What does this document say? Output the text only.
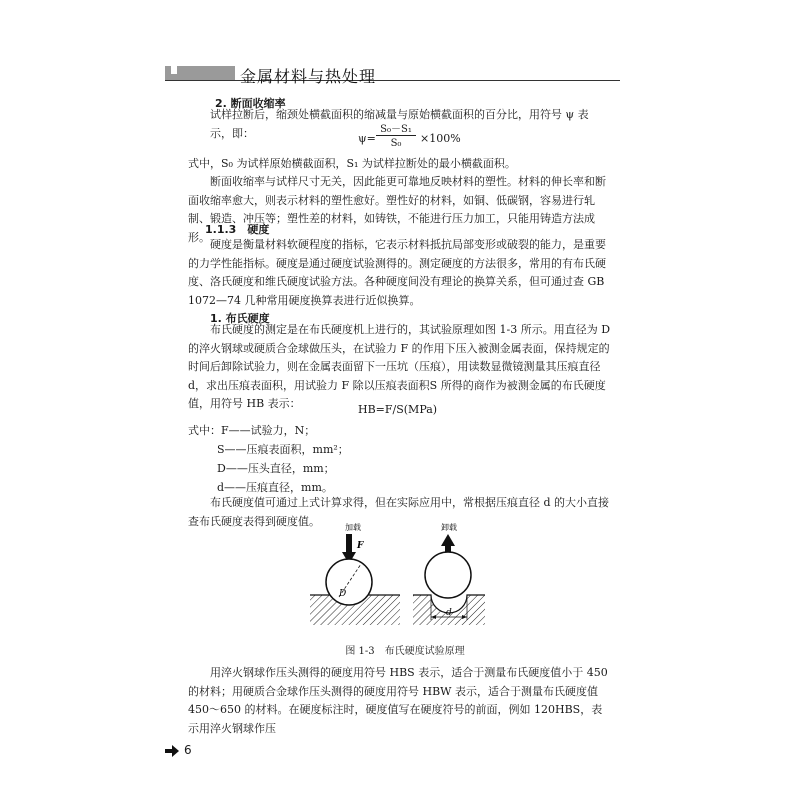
金属材料与热处理
2. 断面收缩率
试样拉断后，缩颈处横截面积的缩减量与原始横截面积的百分比，用符号 ψ 表示，即：	ψ=
S₀－S₁
S₀	×100%
式中，S₀ 为试样原始横截面积，S₁ 为试样拉断处的最小横截面积。
断面收缩率与试样尺寸无关，因此能更可靠地反映材料的塑性。材料的伸长率和断面收缩率愈大，则表示材料的塑性愈好。塑性好的材料，如铜、低碳钢，容易进行轧制、锻造、冲压等；塑性差的材料，如铸铁，不能进行压力加工，只能用铸造方法成形。
1.1.3　硬度
硬度是衡量材料软硬程度的指标，它表示材料抵抗局部变形或破裂的能力，是重要的力学性能指标。硬度是通过硬度试验测得的。测定硬度的方法很多，常用的有布氏硬度、洛氏硬度和维氏硬度试验方法。各种硬度间没有理论的换算关系，但可通过查 GB 1072—74 几种常用硬度换算表进行近似换算。
1. 布氏硬度
布氏硬度的测定是在布氏硬度机上进行的，其试验原理如图 1-3 所示。用直径为 D 的淬火钢球或硬质合金球做压头，在试验力 F 的作用下压入被测金属表面，保持规定的时间后卸除试验力，则在金属表面留下一压坑（压痕），用读数显微镜测量其压痕直径 d，求出压痕表面积，用试验力 F 除以压痕表面积S 所得的商作为被测金属的布氏硬度值，用符号 HB 表示：	HB=F/S(MPa)
式中：F——试验力，N；
S——压痕表面积，mm²；
D——压头直径，mm；
d——压痕直径，mm。
布氏硬度值可通过上式计算求得，但在实际应用中，常根据压痕直径 d 的大小直接查布氏硬度表得到硬度值。	加载
F
D
卸载
d
图 1-3　布氏硬度试验原理
用淬火钢球作压头测得的硬度用符号 HBS 表示，适合于测量布氏硬度值小于 450 的材料；用硬质合金球作压头测得的硬度用符号 HBW 表示，适合于测量布氏硬度值 450～650 的材料。在硬度标注时，硬度值写在硬度符号的前面，例如 120HBS，表示用淬火钢球作压
6
